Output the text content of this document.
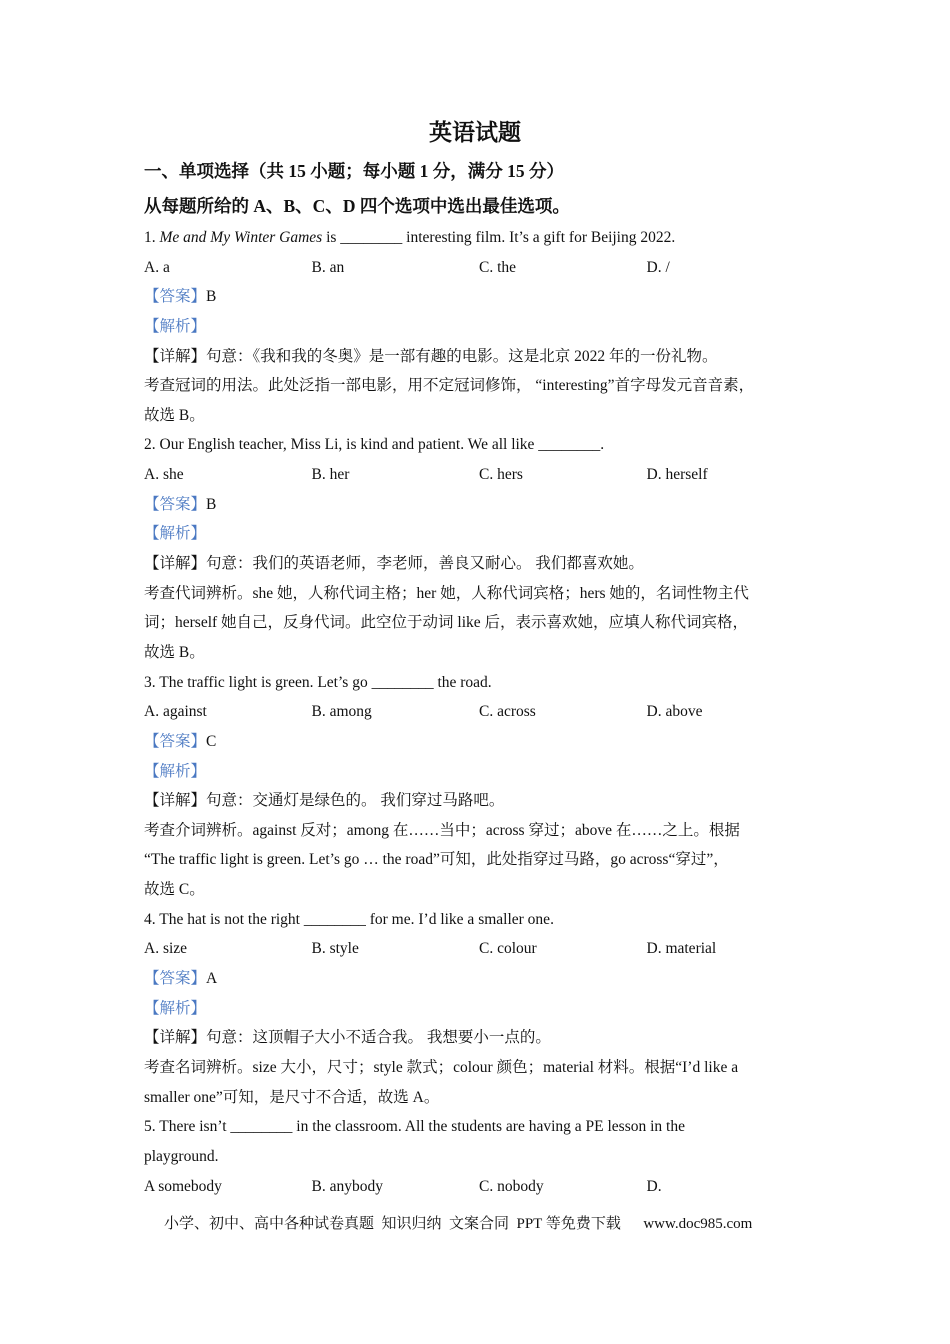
英语试题
一、单项选择（共 15 小题；每小题 1 分，满分 15 分）
从每题所给的 A、B、C、D 四个选项中选出最佳选项。
1. Me and My Winter Games is ________ interesting film. It’s a gift for Beijing 2022.
A. a	B. an	C. the	D. /
【答案】B
【解析】
【详解】句意：《我和我的冬奥》是一部有趣的电影。这是北京 2022 年的一份礼物。
考查冠词的用法。此处泛指一部电影，用不定冠词修饰， “interesting”首字母发元音音素，
故选 B。
2. Our English teacher, Miss Li, is kind and patient. We all like ________.
A. she	B. her	C. hers	D. herself
【答案】B
【解析】
【详解】句意：我们的英语老师，李老师，善良又耐心。 我们都喜欢她。
考查代词辨析。she 她，人称代词主格；her 她，人称代词宾格；hers 她的，名词性物主代
词；herself 她自己，反身代词。此空位于动词 like 后，表示喜欢她，应填人称代词宾格，
故选 B。
3. The traffic light is green. Let’s go ________ the road.
A. against	B. among	C. across	D. above
【答案】C
【解析】
【详解】句意：交通灯是绿色的。 我们穿过马路吧。
考查介词辨析。against 反对；among 在……当中；across 穿过；above 在……之上。根据
“The traffic light is green. Let’s go … the road”可知，此处指穿过马路，go across“穿过”，
故选 C。
4. The hat is not the right ________ for me. I’d like a smaller one.
A. size	B. style	C. colour	D. material
【答案】A
【解析】
【详解】句意：这顶帽子大小不适合我。 我想要小一点的。
考查名词辨析。size 大小，尺寸；style 款式；colour 颜色；material 材料。根据“I’d like a
smaller one”可知，是尺寸不合适，故选 A。
5. There isn’t ________ in the classroom. All the students are having a PE lesson in the
playground.
A somebody	B. anybody	C. nobody	D.
小学、初中、高中各种试卷真题  知识归纳  文案合同  PPT 等免费下载 www.doc985.com
